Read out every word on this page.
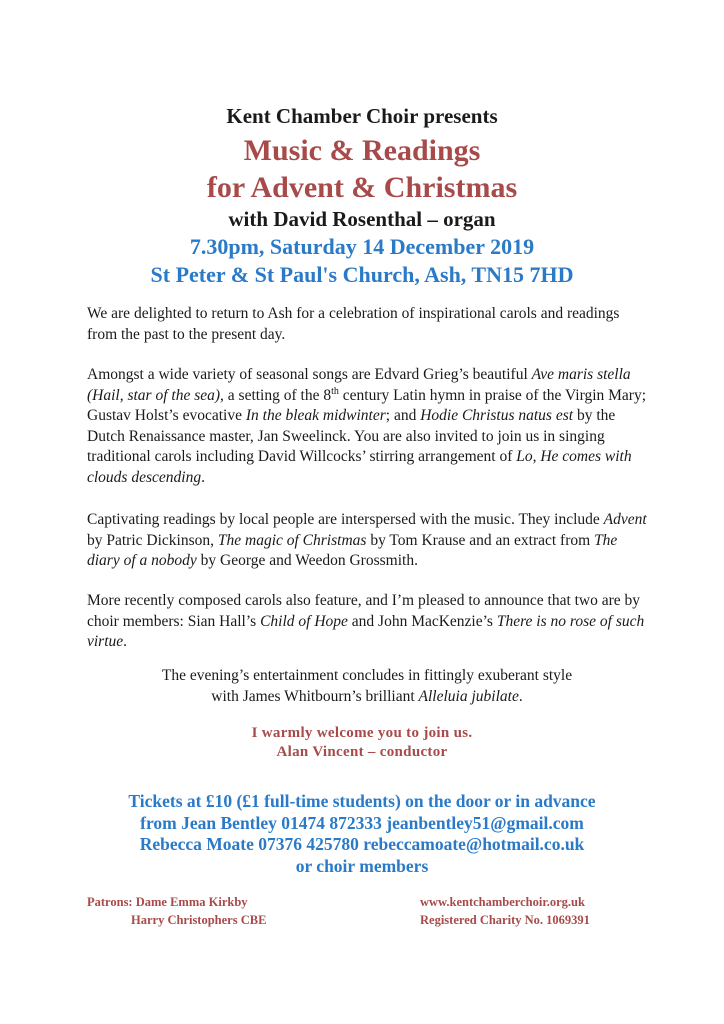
Kent Chamber Choir presents
Music & Readings
for Advent & Christmas
with David Rosenthal – organ
7.30pm, Saturday 14 December 2019
St Peter & St Paul's Church, Ash, TN15 7HD
We are delighted to return to Ash for a celebration of inspirational carols and readings from the past to the present day.
Amongst a wide variety of seasonal songs are Edvard Grieg’s beautiful Ave maris stella (Hail, star of the sea), a setting of the 8th century Latin hymn in praise of the Virgin Mary; Gustav Holst’s evocative In the bleak midwinter; and Hodie Christus natus est by the Dutch Renaissance master, Jan Sweelinck. You are also invited to join us in singing traditional carols including David Willcocks’ stirring arrangement of Lo, He comes with clouds descending.
Captivating readings by local people are interspersed with the music. They include Advent by Patric Dickinson, The magic of Christmas by Tom Krause and an extract from The diary of a nobody by George and Weedon Grossmith.
More recently composed carols also feature, and I’m pleased to announce that two are by choir members: Sian Hall’s Child of Hope and John MacKenzie’s There is no rose of such virtue.
The evening’s entertainment concludes in fittingly exuberant style
with James Whitbourn’s brilliant Alleluia jubilate.
I warmly welcome you to join us.
Alan Vincent – conductor
Tickets at £10 (£1 full-time students) on the door or in advance
from Jean Bentley 01474 872333 jeanbentley51@gmail.com
Rebecca Moate 07376 425780 rebeccamoate@hotmail.co.uk
or choir members
Patrons: Dame Emma Kirkby
Harry Christophers CBE
www.kentchamberchoir.org.uk
Registered Charity No. 1069391
